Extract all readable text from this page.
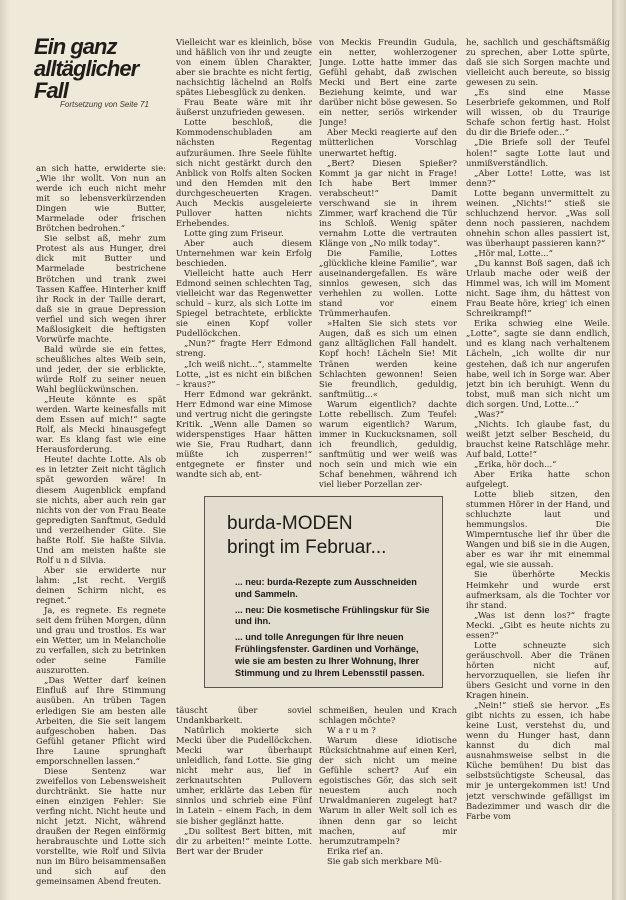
Ein ganz
alltäglicher Fall
Fortsetzung von Seite 71

an sich hatte, erwiderte sie: „Wie ihr wollt. Von nun an werde ich euch nicht mehr mit so lebensverkürzenden Dingen wie Butter, Marmelade oder frischen Brötchen bedrohen.“

Sie selbst aß, mehr zum Protest als aus Hunger, drei dick mit Butter und Marmelade bestrichene Brötchen und trank zwei Tassen Kaffee. Hinterher kniff ihr Rock in der Taille derart, daß sie in graue Depression verfiel und sich wegen ihrer Maßlosigkeit die heftigsten Vorwürfe machte.

Bald würde sie ein fettes, scheußliches altes Weib sein, und jeder, der sie erblickte, würde Rolf zu seiner neuen Wahl beglückwünschen.

„Heute könnte es spät werden. Warte keinesfalls mit dem Essen auf mich!“ sagte Rolf, als Mecki hinausgefegt war. Es klang fast wie eine Herausforderung.

Heute! dachte Lotte. Als ob es in letzter Zeit nicht täglich spät geworden wäre! In diesem Augenblick empfand sie nichts, aber auch rein gar nichts von der von Frau Beate gepredigten Sanftmut, Geduld und verzeihender Güte. Sie haßte Rolf. Sie haßte Silvia. Und am meisten haßte sie Rolf u n d Silvia.

Aber sie erwiderte nur lahm: „Ist recht. Vergiß deinen Schirm nicht, es regnet.“

Ja, es regnete. Es regnete seit dem frühen Morgen, dünn und grau und trostlos. Es war ein Wetter, um in Melancholie zu verfallen, sich zu betrinken oder seine Familie auszurotten.

„Das Wetter darf keinen Einfluß auf Ihre Stimmung ausüben. An trüben Tagen erledigen Sie am besten alle Arbeiten, die Sie seit langem aufgeschoben haben. Das Gefühl getaner Pflicht wird Ihre Laune sprunghaft emporschnellen lassen.“

Diese Sentenz war zweifellos von Lebensweisheit durchtränkt. Sie hatte nur einen einzigen Fehler: Sie verfing nicht. Nicht heute und nicht jetzt. Nicht, während draußen der Regen einförmig herabrauschte und Lotte sich vorstellte, wie Rolf und Silvia nun im Büro beisammensaßen und sich auf den gemeinsamen Abend freuten.

Vielleicht war es kleinlich, böse und häßlich von ihr und zeugte von einem üblen Charakter, aber sie brachte es nicht fertig, nachsichtig lächelnd an Rolfs spätes Liebesglück zu denken.

Frau Beate wäre mit ihr äußerst unzufrieden gewesen.

Lotte beschloß, die Kommodenschubladen am nächsten Regentag aufzuräumen. Ihre Seele fühlte sich nicht gestärkt durch den Anblick von Rolfs alten Socken und den Hemden mit den durchgescheuerten Kragen. Auch Meckis ausgeleierte Pullover hatten nichts Erhebendes.

Lotte ging zum Friseur.

Aber auch diesem Unternehmen war kein Erfolg beschieden.

Vielleicht hatte auch Herr Edmond seinen schlechten Tag, vielleicht war das Regenwetter schuld – kurz, als sich Lotte im Spiegel betrachtete, erblickte sie einen Kopf voller Pudellöckchen.

„Nun?“ fragte Herr Edmond streng.

„Ich weiß nicht...“, stammelte Lotte, „ist es nicht ein bißchen – kraus?“

Herr Edmond war gekränkt. Herr Edmond war eine Mimose und vertrug nicht die geringste Kritik. „Wenn alle Damen so widerspenstiges Haar hätten wie Sie, Frau Rudhart, dann müßte ich zusperren!“ entgegnete er finster und wandte sich ab, ent-

von Meckis Freundin Gudula, ein netter, wohlerzogener Junge. Lotte hatte immer das Gefühl gehabt, daß zwischen Mecki und Bert eine zarte Beziehung keimte, und war darüber nicht böse gewesen. So ein netter, seriös wirkender Junge!

Aber Mecki reagierte auf den mütterlichen Vorschlag unerwartet heftig.

„Bert? Diesen Spießer? Kommt ja gar nicht in Frage! Ich habe Bert immer verabscheut!“ Damit verschwand sie in ihrem Zimmer, warf krachend die Tür ins Schloß. Wenig später vernahm Lotte die vertrauten Klänge von „No milk today“.

Die Familie, Lottes „glückliche kleine Familie“, war auseinandergefallen. Es wäre sinnlos gewesen, sich das verhehlen zu wollen. Lotte stand vor einem Trümmerhaufen.

»Halten Sie sich stets vor Augen, daß es sich um einen ganz alltäglichen Fall handelt. Kopf hoch! Lächeln Sie! Mit Tränen werden keine Schlachten gewonnen! Seien Sie freundlich, geduldig, sanftmütig...«

Warum eigentlich? dachte Lotte rebellisch. Zum Teufel: warum eigentlich? Warum, immer in Kuckucksnamen, soll ich freundlich, geduldig, sanftmütig und wer weiß was noch sein und mich wie ein Schaf benehmen, während ich viel lieber Porzellan zer-

burda-MODEN
bringt im Februar...
... neu: burda-Rezepte zum Ausschneiden und Sammeln.
... neu: Die kosmetische Frühlingskur für Sie und ihn.
... und tolle Anregungen für Ihre neuen Frühlingsfenster. Gardinen und Vorhänge, wie sie am besten zu Ihrer Wohnung, Ihrer Stimmung und zu Ihrem Lebensstil passen.

täuscht über soviel Undankbarkeit.

Natürlich mokierte sich Mecki über die Pudellöckchen. Mecki war überhaupt unleidlich, fand Lotte. Sie ging nicht mehr aus, lief in zerknautschten Pullovern umher, erklärte das Leben für sinnlos und schrieb eine Fünf in Latein – einem Fach, in dem sie bisher geglänzt hatte.

„Du solltest Bert bitten, mit dir zu arbeiten!“ meinte Lotte. Bert war der Bruder

schmeißen, heulen und Krach schlagen möchte?

W a r u m ?

Warum diese idiotische Rücksichtnahme auf einen Kerl, der sich nicht um meine Gefühle schert? Auf ein egoistisches Gör, das sich seit neuestem auch noch Urwaldmanieren zugelegt hat? Warum in aller Welt soll ich es ihnen denn gar so leicht machen, auf mir herumzutrampeln?

Erika rief an.

Sie gab sich merkbare Mü-

he, sachlich und geschäftsmäßig zu sprechen, aber Lotte spürte, daß sie sich Sorgen machte und vielleicht auch bereute, so bissig gewesen zu sein.

„Es sind eine Masse Leserbriefe gekommen, und Rolf will wissen, ob du Traurige Schafe schon fertig hast. Holst du dir die Briefe oder...“

„Die Briefe soll der Teufel holen!“ sagte Lotte laut und unmißverständlich.

„Aber Lotte! Lotte, was ist denn?“

Lotte begann unvermittelt zu weinen. „Nichts!“ stieß sie schluchzend hervor. „Was soll denn noch passieren, nachdem ohnehin schon alles passiert ist, was überhaupt passieren kann?“

„Hör mal, Lotte...“

„Du kannst Boß sagen, daß ich Urlaub mache oder weiß der Himmel was, ich will im Moment nicht. Sage ihm, du hättest von Frau Beate höre, krieg' ich einen Schreikrampf!“

Erika schwieg eine Weile. „Lotte“, sagte sie dann endlich, und es klang nach verhaltenem Lächeln, „ich wollte dir nur gestehen, daß ich nur angerufen habe, weil ich in Sorge war. Aber jetzt bin ich beruhigt. Wenn du tobst, muß man sich nicht um dich sorgen. Und, Lotte...“

„Was?“

„Nichts. Ich glaube fast, du weißt jetzt selber Bescheid, du brauchst keine Ratschläge mehr. Auf bald, Lotte!“

„Erika, hör doch...“

Aber Erika hatte schon aufgelegt.

Lotte blieb sitzen, den stummen Hörer in der Hand, und schluchzte laut und hemmungslos. Die Wimperntusche lief ihr über die Wangen und biß sie in die Augen, aber es war ihr mit einemmal egal, wie sie aussah.

Sie überhörte Meckis Heimkehr und wurde erst aufmerksam, als die Tochter vor ihr stand.

„Was ist denn los?“ fragte Mecki. „Gibt es heute nichts zu essen?“

Lotte schneuzte sich geräuschvoll. Aber die Tränen hörten nicht auf, hervorzuquellen, sie liefen ihr übers Gesicht und vorne in den Kragen hinein.

„Nein!“ stieß sie hervor. „Es gibt nichts zu essen, ich habe keine Lust, verstehst du, und wenn du Hunger hast, dann kannst du dich mal ausnahmsweise selbst in die Küche bemühen! Du bist das selbstsüchtigste Scheusal, das mir je untergekommen ist! Und jetzt verschwinde gefälligst im Badezimmer und wasch dir die Farbe vom
